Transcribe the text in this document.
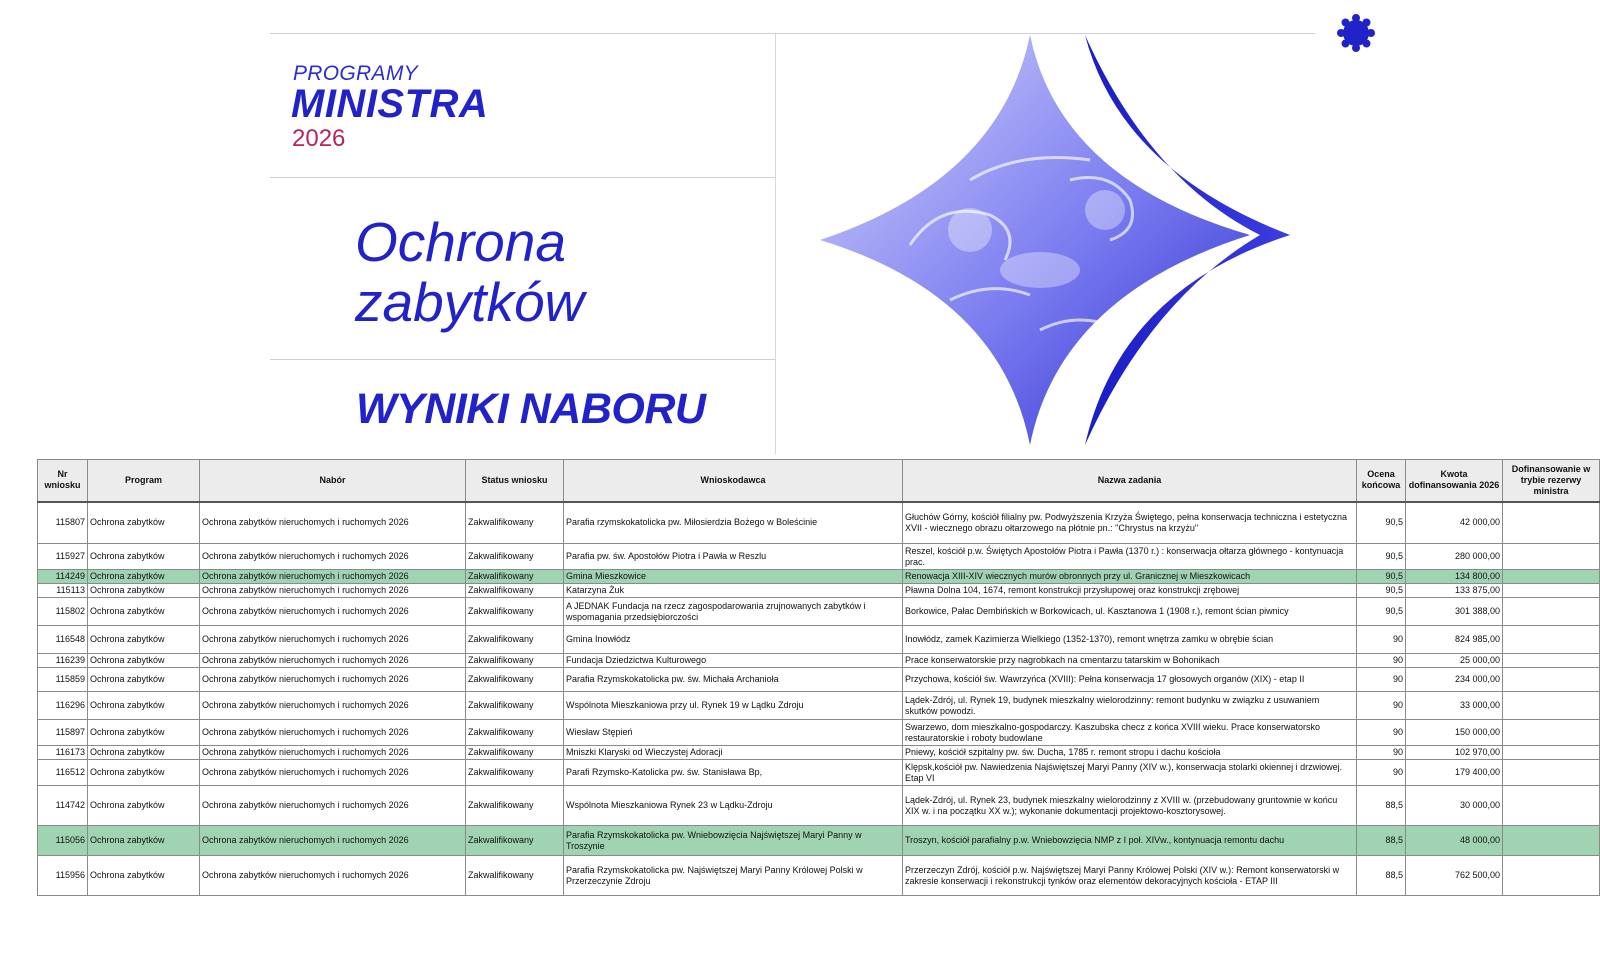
PROGRAMY
MINISTRA
2026
Ochrona
zabytków
WYNIKI NABORU
Nr wniosku	Program	Nabór	Status wniosku	Wnioskodawca	Nazwa zadania	Ocena końcowa	Kwota dofinansowania 2026	Dofinansowanie w trybie rezerwy ministra
115807	Ochrona zabytków	Ochrona zabytków nieruchomych i ruchomych 2026	Zakwalifikowany	Parafia rzymskokatolicka pw. Miłosierdzia Bożego w Boleścinie	Głuchów Górny, kościół filialny pw. Podwyższenia Krzyża Świętego, pełna konserwacja techniczna i estetyczna XVII - wiecznego obrazu ołtarzowego na płótnie pn.: "Chrystus na krzyżu"	90,5	42 000,00	
115927	Ochrona zabytków	Ochrona zabytków nieruchomych i ruchomych 2026	Zakwalifikowany	Parafia pw. św. Apostołów Piotra i Pawła w Reszlu	Reszel, kościół p.w. Świętych Apostołów Piotra i Pawła (1370 r.) : konserwacja ołtarza głównego - kontynuacja prac.	90,5	280 000,00	
114249	Ochrona zabytków	Ochrona zabytków nieruchomych i ruchomych 2026	Zakwalifikowany	Gmina Mieszkowice	Renowacja XIII-XIV wiecznych murów obronnych przy ul. Granicznej w Mieszkowicach	90,5	134 800,00	
115113	Ochrona zabytków	Ochrona zabytków nieruchomych i ruchomych 2026	Zakwalifikowany	Katarzyna Żuk	Pławna Dolna 104, 1674, remont konstrukcji przysłupowej oraz konstrukcji zrębowej	90,5	133 875,00	
115802	Ochrona zabytków	Ochrona zabytków nieruchomych i ruchomych 2026	Zakwalifikowany	A JEDNAK Fundacja na rzecz zagospodarowania zrujnowanych zabytków i wspomagania przedsiębiorczości	Borkowice, Pałac Dembińskich w Borkowicach, ul. Kasztanowa 1 (1908 r.), remont ścian piwnicy	90,5	301 388,00	
116548	Ochrona zabytków	Ochrona zabytków nieruchomych i ruchomych 2026	Zakwalifikowany	Gmina Inowłódz	Inowłódz, zamek Kazimierza Wielkiego (1352-1370), remont wnętrza zamku w obrębie ścian	90	824 985,00	
116239	Ochrona zabytków	Ochrona zabytków nieruchomych i ruchomych 2026	Zakwalifikowany	Fundacja Dziedzictwa Kulturowego	Prace konserwatorskie przy nagrobkach na cmentarzu tatarskim w Bohonikach	90	25 000,00	
115859	Ochrona zabytków	Ochrona zabytków nieruchomych i ruchomych 2026	Zakwalifikowany	Parafia Rzymskokatolicka pw. św. Michała Archanioła	Przychowa, kościół św. Wawrzyńca (XVIII): Pełna konserwacja 17 głosowych organów (XIX) - etap II	90	234 000,00	
116296	Ochrona zabytków	Ochrona zabytków nieruchomych i ruchomych 2026	Zakwalifikowany	Wspólnota Mieszkaniowa przy ul. Rynek 19 w Lądku Zdroju	Lądek-Zdrój, ul. Rynek 19, budynek mieszkalny wielorodzinny: remont budynku w związku z usuwaniem skutków powodzi.	90	33 000,00	
115897	Ochrona zabytków	Ochrona zabytków nieruchomych i ruchomych 2026	Zakwalifikowany	Wiesław Stępień	Swarzewo, dom mieszkalno-gospodarczy. Kaszubska checz z końca XVIII wieku. Prace konserwatorsko restauratorskie i roboty budowlane	90	150 000,00	
116173	Ochrona zabytków	Ochrona zabytków nieruchomych i ruchomych 2026	Zakwalifikowany	Mniszki Klaryski od Wieczystej Adoracji	Pniewy, kościół szpitalny pw. św. Ducha, 1785 r. remont stropu i dachu kościoła	90	102 970,00	
116512	Ochrona zabytków	Ochrona zabytków nieruchomych i ruchomych 2026	Zakwalifikowany	Parafi Rzymsko-Katolicka pw. św. Stanisława Bp,	Klępsk,kościół pw. Nawiedzenia Najświętszej Maryi Panny (XIV w.), konserwacja stolarki okiennej i drzwiowej. Etap VI	90	179 400,00	
114742	Ochrona zabytków	Ochrona zabytków nieruchomych i ruchomych 2026	Zakwalifikowany	Wspólnota Mieszkaniowa Rynek 23 w Lądku-Zdroju	Lądek-Zdrój, ul. Rynek 23, budynek mieszkalny wielorodzinny z XVIII w. (przebudowany gruntownie w końcu XIX w. i na początku XX w.); wykonanie dokumentacji projektowo-kosztorysowej.	88,5	30 000,00	
115056	Ochrona zabytków	Ochrona zabytków nieruchomych i ruchomych 2026	Zakwalifikowany	Parafia Rzymskokatolicka pw. Wniebowzięcia Najświętszej Maryi Panny w Troszynie	Troszyn, kościół parafialny p.w. Wniebowzięcia NMP z I poł. XIVw., kontynuacja remontu dachu	88,5	48 000,00	
115956	Ochrona zabytków	Ochrona zabytków nieruchomych i ruchomych 2026	Zakwalifikowany	Parafia Rzymskokatolicka pw. Najświętszej Maryi Panny Królowej Polski w Przerzeczynie Zdroju	Przerzeczyn Zdrój, kościół p.w. Najświętszej Maryi Panny Królowej Polski (XIV w.): Remont konserwatorski w zakresie konserwacji i rekonstrukcji tynków oraz elementów dekoracyjnych kościoła - ETAP III	88,5	762 500,00	
